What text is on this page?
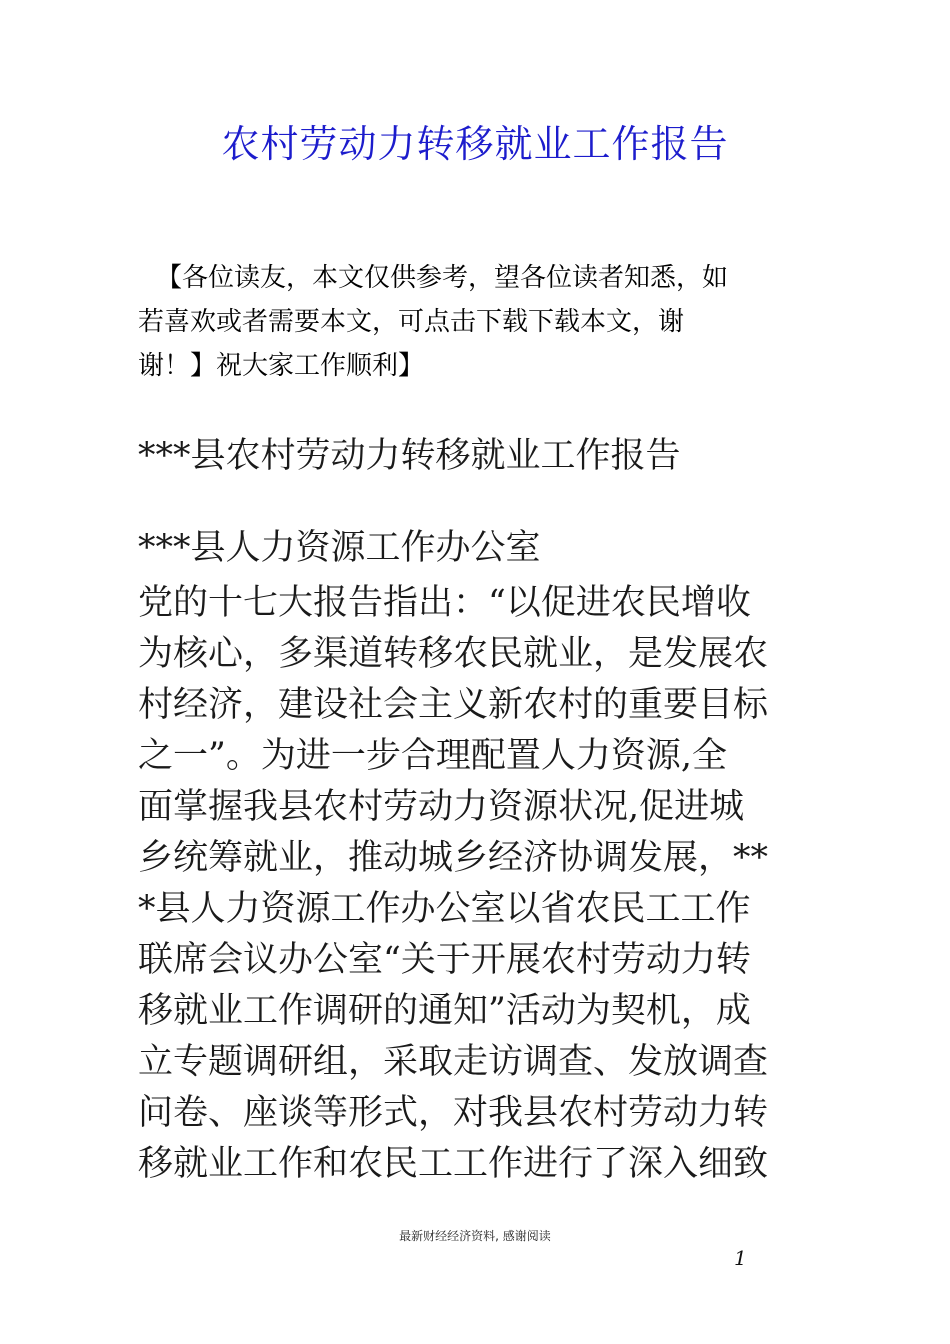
农村劳动力转移就业工作报告
【各位读友，本文仅供参考，望各位读者知悉，如
若喜欢或者需要本文，可点击下载下载本文，谢
谢！】祝大家工作顺利】
***县农村劳动力转移就业工作报告
***县人力资源工作办公室
党的十七大报告指出：“以促进农民增收
为核心，多渠道转移农民就业，是发展农
村经济，建设社会主义新农村的重要目标
之一”。为进一步合理配置人力资源,全
面掌握我县农村劳动力资源状况,促进城
乡统筹就业，推动城乡经济协调发展，**
*县人力资源工作办公室以省农民工工作
联席会议办公室“关于开展农村劳动力转
移就业工作调研的通知”活动为契机，成
立专题调研组，采取走访调查、发放调查
问卷、座谈等形式，对我县农村劳动力转
移就业工作和农民工工作进行了深入细致
最新财经经济资料, 感谢阅读
1
